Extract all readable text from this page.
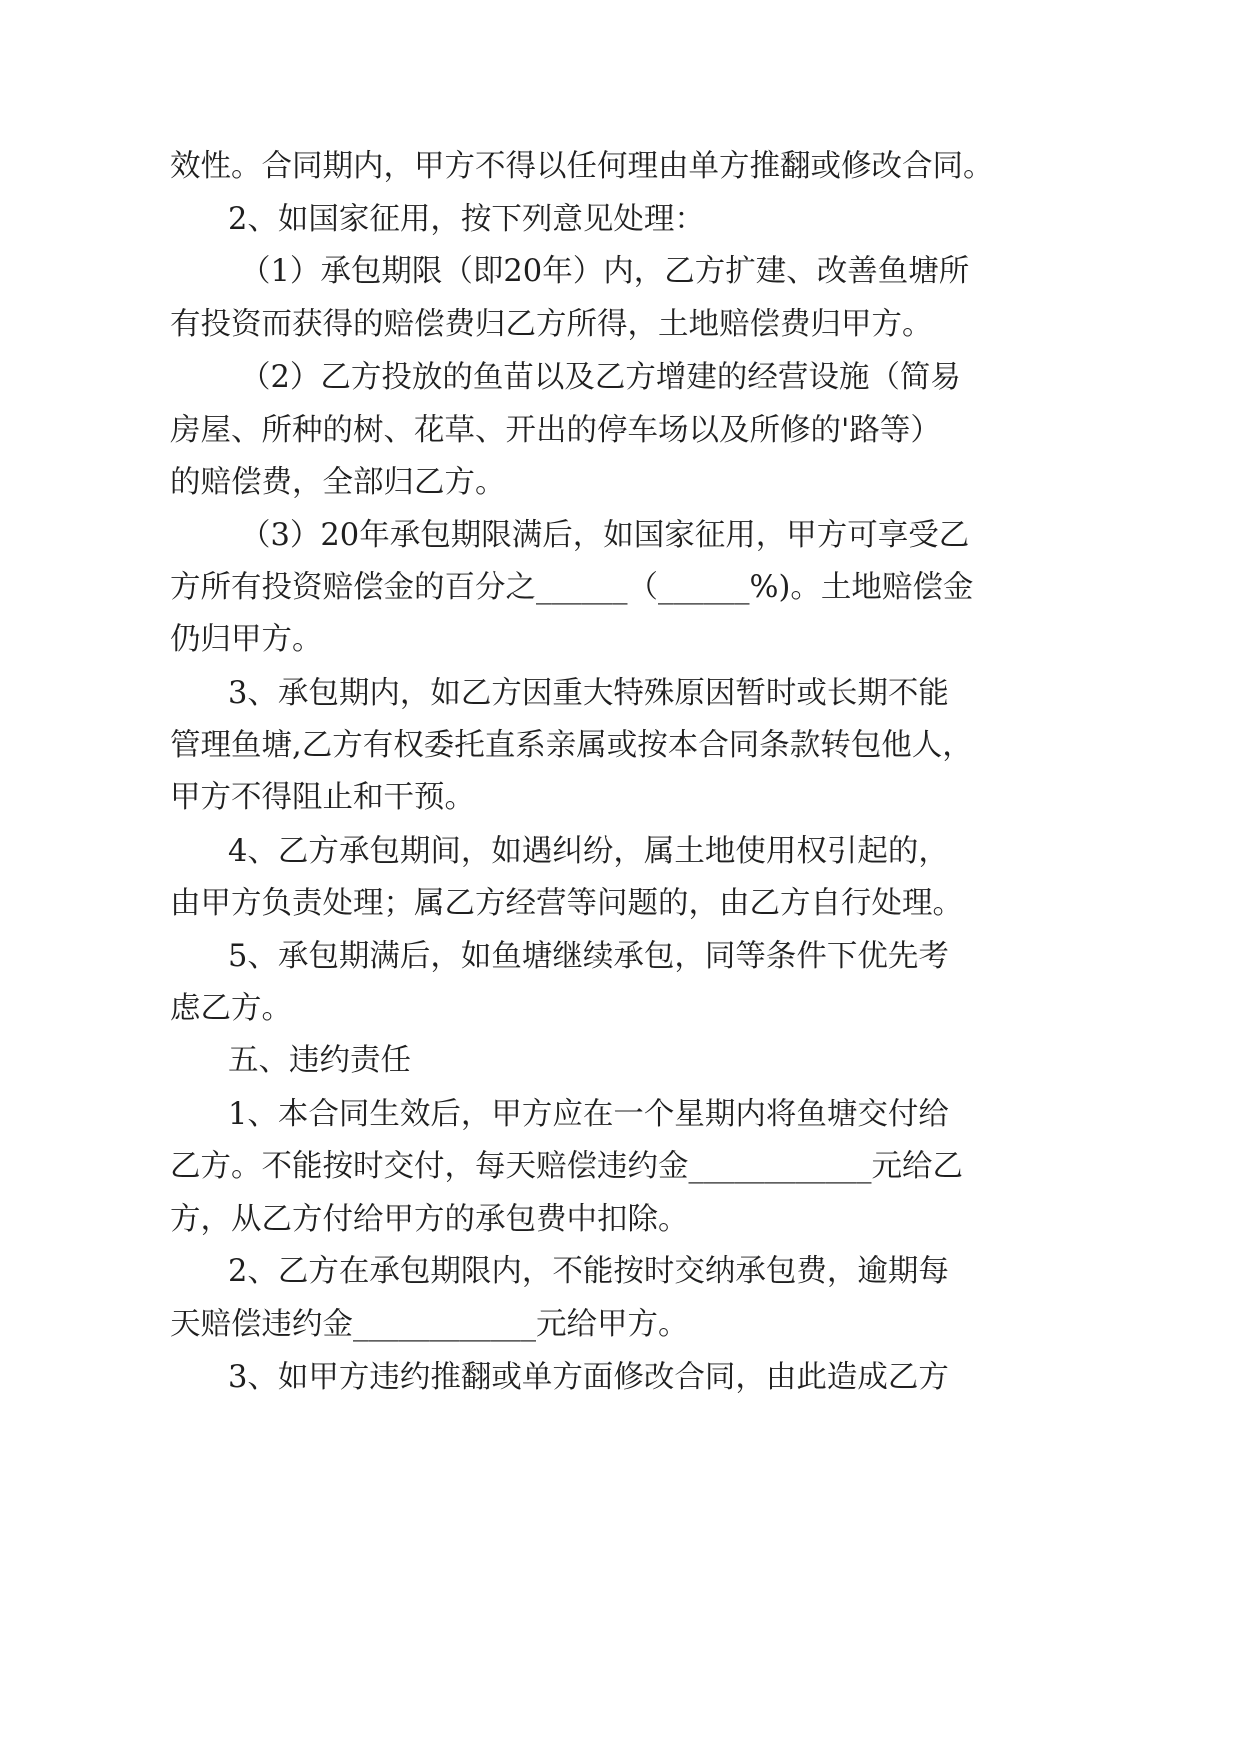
效性。合同期内，甲方不得以任何理由单方推翻或修改合同。
2、如国家征用，按下列意见处理：
（1）承包期限（即20年）内，乙方扩建、改善鱼塘所
有投资而获得的赔偿费归乙方所得，土地赔偿费归甲方。
（2）乙方投放的鱼苗以及乙方增建的经营设施（简易
房屋、所种的树、花草、开出的停车场以及所修的'路等）
的赔偿费，全部归乙方。
（3）20年承包期限满后，如国家征用，甲方可享受乙
方所有投资赔偿金的百分之______（______%)。土地赔偿金
仍归甲方。
3、承包期内，如乙方因重大特殊原因暂时或长期不能
管理鱼塘,乙方有权委托直系亲属或按本合同条款转包他人，
甲方不得阻止和干预。
4、乙方承包期间，如遇纠纷，属土地使用权引起的，
由甲方负责处理；属乙方经营等问题的，由乙方自行处理。
5、承包期满后，如鱼塘继续承包，同等条件下优先考
虑乙方。
五、违约责任
1、本合同生效后，甲方应在一个星期内将鱼塘交付给
乙方。不能按时交付，每天赔偿违约金____________元给乙
方，从乙方付给甲方的承包费中扣除。
2、乙方在承包期限内，不能按时交纳承包费，逾期每
天赔偿违约金____________元给甲方。
3、如甲方违约推翻或单方面修改合同，由此造成乙方
